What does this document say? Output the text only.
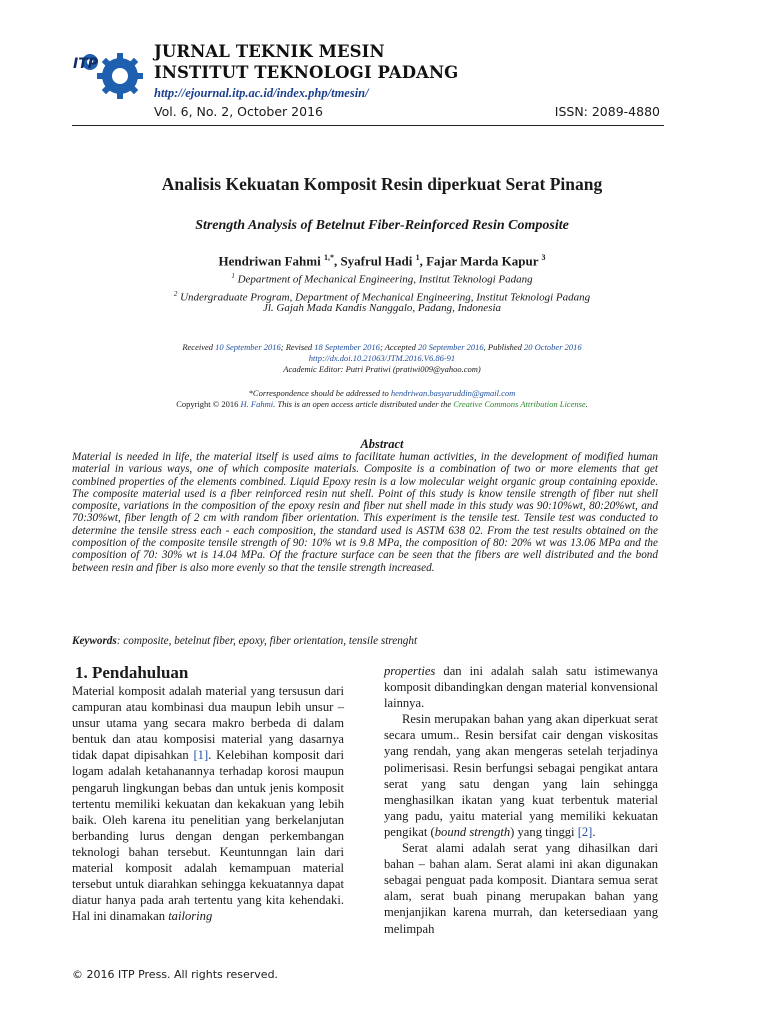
ITP
JURNAL TEKNIK MESIN
INSTITUT TEKNOLOGI PADANG
http://ejournal.itp.ac.id/index.php/tmesin/
Vol. 6, No. 2, October 2016	ISSN: 2089-4880
Analisis Kekuatan Komposit Resin diperkuat Serat Pinang
Strength Analysis of Betelnut Fiber-Reinforced Resin Composite
Hendriwan Fahmi $^{1,*}$, Syafrul Hadi $^1$, Fajar Marda Kapur $^3$
$^1$ Department of Mechanical Engineering, Institut Teknologi Padang
$^2$ Undergraduate Program, Department of Mechanical Engineering, Institut Teknologi Padang
Jl. Gajah Mada Kandis Nanggalo, Padang, Indonesia
Received 10 September 2016; Revised 18 September 2016; Accepted 20 September 2016, Published 20 October 2016
http://dx.doi.10.21063/JTM.2016.V6.86-91
Academic Editor: Putri Pratiwi (pratiwi009@yahoo.com)
*Correspondence should be addressed to hendriwan.basyaruddin@gmail.com
Copyright © 2016 H. Fahmi. This is an open access article distributed under the Creative Commons Attribution License.
Abstract
Material is needed in life, the material itself is used aims to facilitate human activities, in the development of modified human material in various ways, one of which composite materials. Composite is a combination of two or more elements that get combined properties of the elements combined. Liquid Epoxy resin is a low molecular weight organic group containing epoxide. The composite material used is a fiber reinforced resin nut shell. Point of this study is know tensile strength of fiber nut shell composite, variations in the composition of the epoxy resin and fiber nut shell made in this study was 90:10%wt, 80:20%wt, and 70:30%wt, fiber length of 2 cm with random fiber orientation. This experiment is the tensile test. Tensile test was conducted to determine the tensile stress each - each composition, the standard used is ASTM 638 02. From the test results obtained on the composition of the composite tensile strength of 90: 10% wt is 9.8 MPa, the composition of 80: 20% wt was 13.06 MPa and the composition of 70: 30% wt is 14.04 MPa. Of the fracture surface can be seen that the fibers are well distributed and the bond between resin and fiber is also more evenly so that the tensile strength increased.
Keywords: composite, betelnut fiber, epoxy, fiber orientation, tensile strenght
1. Pendahuluan
Material komposit adalah material yang tersusun dari campuran atau kombinasi dua maupun lebih unsur – unsur utama yang secara makro berbeda di dalam bentuk dan atau komposisi material yang dasarnya tidak dapat dipisahkan [1]. Kelebihan komposit dari logam adalah ketahanannya terhadap korosi maupun pengaruh lingkungan bebas dan untuk jenis komposit tertentu memiliki kekuatan dan kekakuan yang lebih baik. Oleh karena itu penelitian yang berkelanjutan berbanding lurus dengan dengan perkembangan teknologi bahan tersebut. Keuntunngan lain dari material komposit adalah kemampuan material tersebut untuk diarahkan sehingga kekuatannya dapat diatur hanya pada arah tertentu yang kita kehendaki. Hal ini dinamakan tailoring

properties dan ini adalah salah satu istimewanya komposit dibandingkan dengan material konvensional lainnya.

Resin merupakan bahan yang akan diperkuat serat secara umum.. Resin bersifat cair dengan viskositas yang rendah, yang akan mengeras setelah terjadinya polimerisasi. Resin berfungsi sebagai pengikat antara serat yang satu dengan yang lain sehingga menghasilkan ikatan yang kuat terbentuk material yang padu, yaitu material yang memiliki kekuatan pengikat (bound strength) yang tinggi [2].

Serat alami adalah serat yang dihasilkan dari bahan – bahan alam. Serat alami ini akan digunakan sebagai penguat pada komposit. Diantara semua serat alam, serat buah pinang merupakan bahan yang menjanjikan karena murrah, dan ketersediaan yang melimpah

© 2016 ITP Press. All rights reserved.
